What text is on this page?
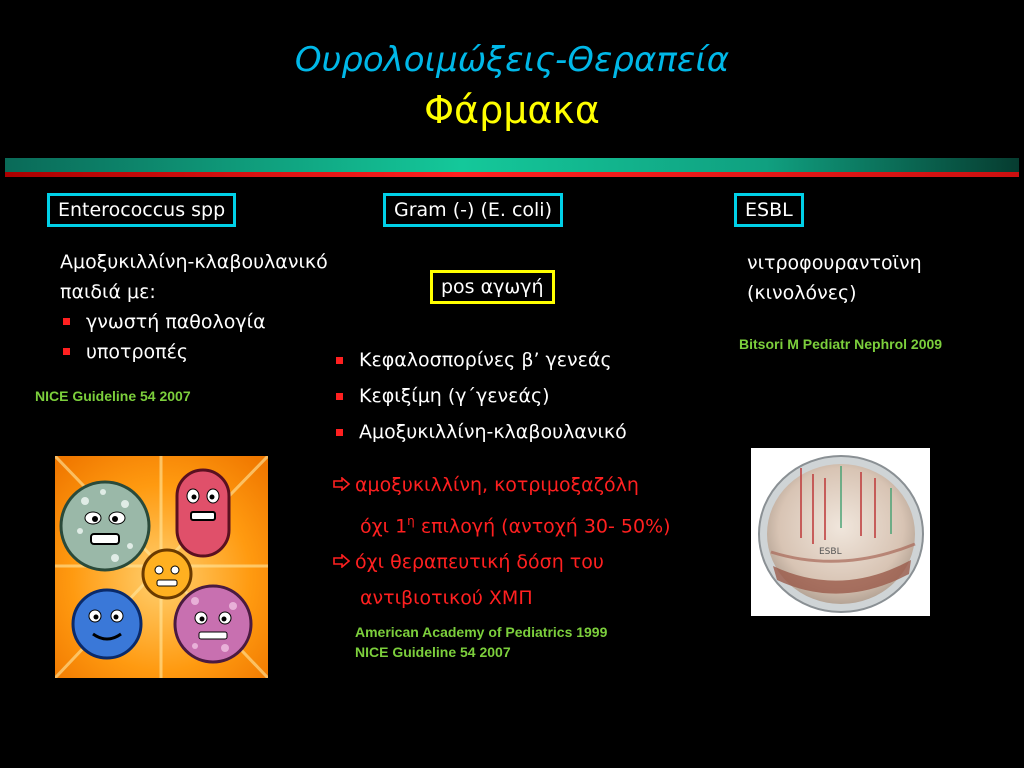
Ουρολοιμώξεις-Θεραπεία
Φάρμακα
Enterococcus spp	Gram (-) (E. coli)	ESBL
Αμοξυκιλλίνη-κλαβουλανικό
παιδιά με:
γνωστή παθολογία
υποτροπές
NICE Guideline 54 2007
pos αγωγή
Κεφαλοσπορίνες β’ γενεάς
Κεφιξίμη (γ΄γενεάς)
Αμοξυκιλλίνη-κλαβουλανικό
αμοξυκιλλίνη, κοτριμοξαζόλη
όχι $1^\eta$ επιλογή (αντοχή 30- 50%)
όχι θεραπευτική δόση του
αντιβιοτικού ΧΜΠ
American Academy of Pediatrics 1999
NICE Guideline 54 2007
νιτροφουραντοϊνη
(κινολόνες)
Bitsori M Pediatr Nephrol 2009
ESBL
